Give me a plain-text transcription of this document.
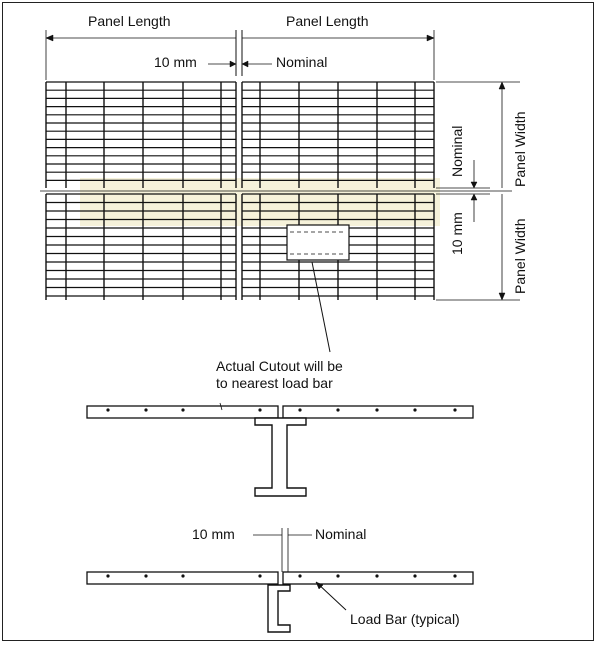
Panel Length	Panel Length
10 mm	Nominal
Nominal
10 mm
Panel Width
Panel Width
Actual Cutout will be
to nearest load bar
10 mm	Nominal
Load Bar (typical)
